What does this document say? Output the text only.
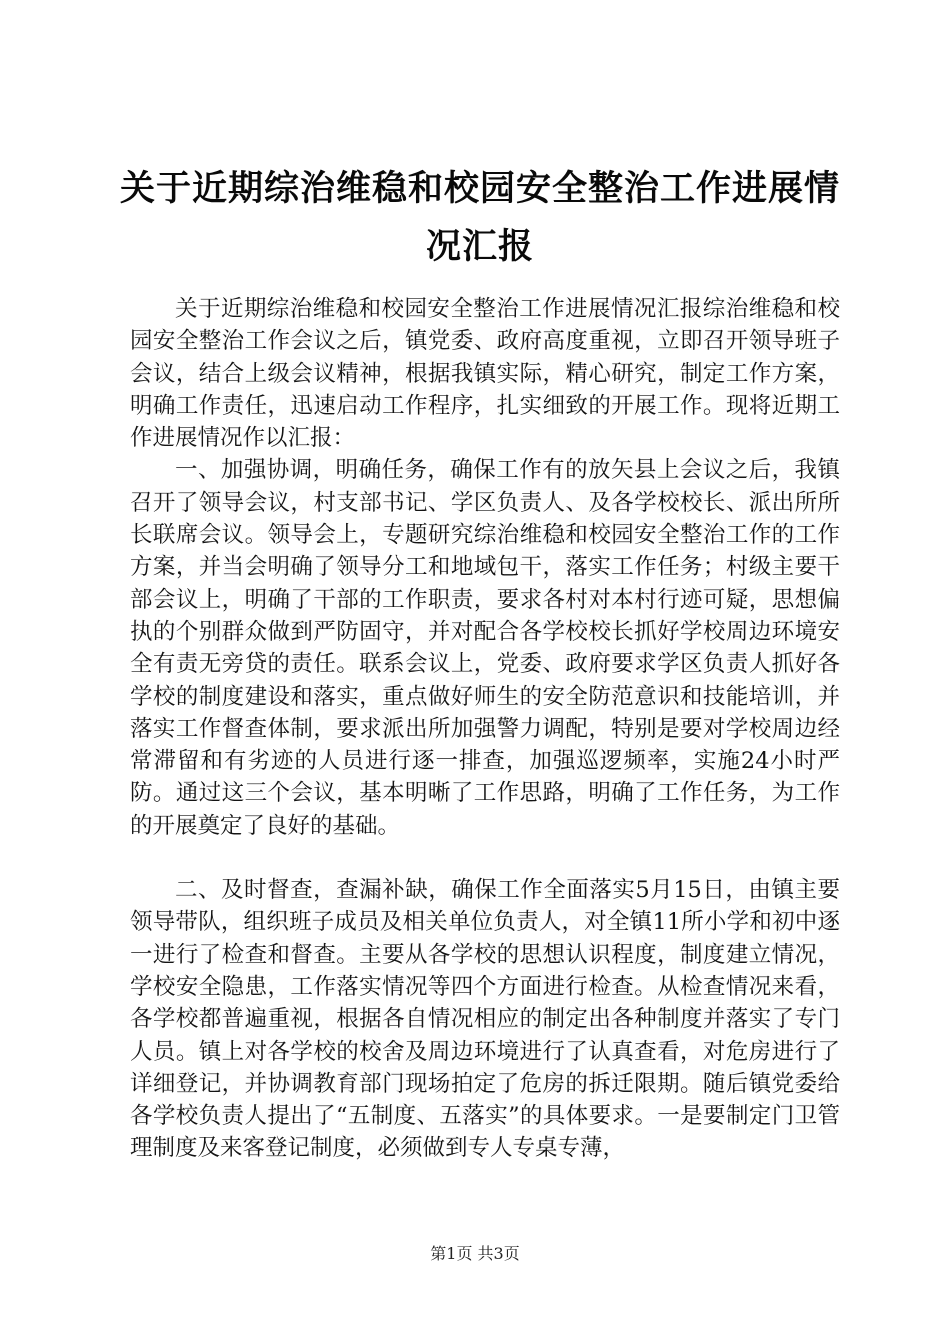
关于近期综治维稳和校园安全整治工作进展情况汇报

关于近期综治维稳和校园安全整治工作进展情况汇报综治维稳和校园安全整治工作会议之后，镇党委、政府高度重视，立即召开领导班子会议，结合上级会议精神，根据我镇实际，精心研究，制定工作方案，明确工作责任，迅速启动工作程序，扎实细致的开展工作。现将近期工作进展情况作以汇报：

一、加强协调，明确任务，确保工作有的放矢县上会议之后，我镇召开了领导会议，村支部书记、学区负责人、及各学校校长、派出所所长联席会议。领导会上，专题研究综治维稳和校园安全整治工作的工作方案，并当会明确了领导分工和地域包干，落实工作任务；村级主要干部会议上，明确了干部的工作职责，要求各村对本村行迹可疑，思想偏执的个别群众做到严防固守，并对配合各学校校长抓好学校周边环境安全有责无旁贷的责任。联系会议上，党委、政府要求学区负责人抓好各学校的制度建设和落实，重点做好师生的安全防范意识和技能培训，并落实工作督查体制，要求派出所加强警力调配，特别是要对学校周边经常滞留和有劣迹的人员进行逐一排查，加强巡逻频率，实施24小时严防。通过这三个会议，基本明晰了工作思路，明确了工作任务，为工作的开展奠定了良好的基础。

二、及时督查，查漏补缺，确保工作全面落实5月15日，由镇主要领导带队，组织班子成员及相关单位负责人，对全镇11所小学和初中逐一进行了检查和督查。主要从各学校的思想认识程度，制度建立情况，学校安全隐患，工作落实情况等四个方面进行检查。从检查情况来看，各学校都普遍重视，根据各自情况相应的制定出各种制度并落实了专门人员。镇上对各学校的校舍及周边环境进行了认真查看，对危房进行了详细登记，并协调教育部门现场拍定了危房的拆迁限期。随后镇党委给各学校负责人提出了“五制度、五落实”的具体要求。一是要制定门卫管理制度及来客登记制度，必须做到专人专桌专薄，

第1页 共3页
